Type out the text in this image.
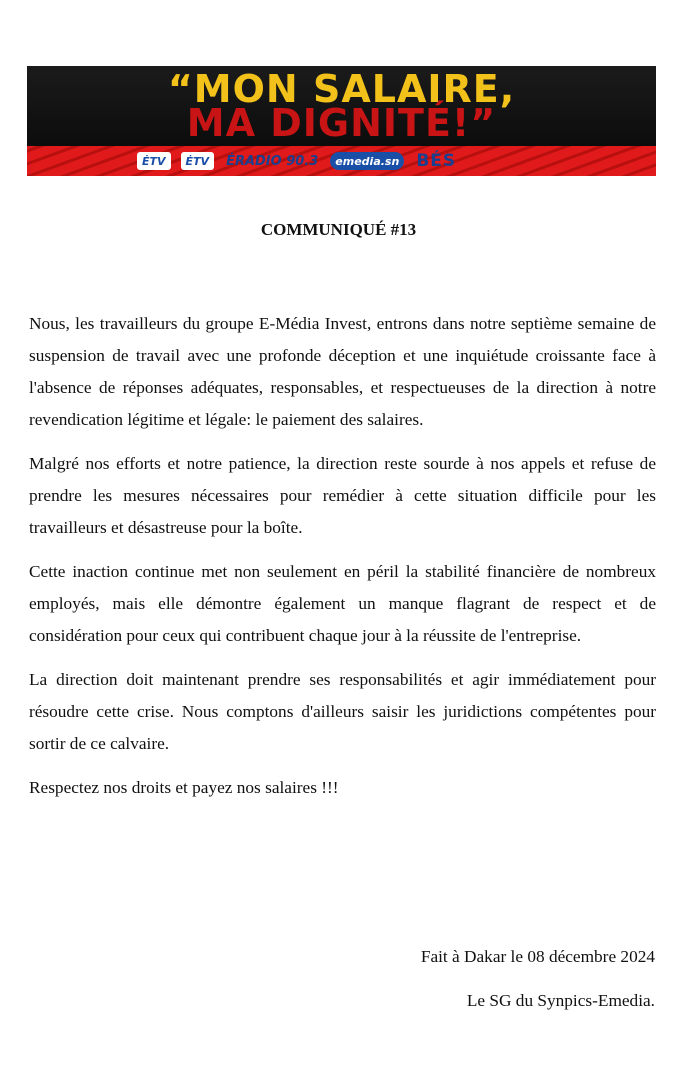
“MON SALAIRE,
MA DIGNITÉ!”
ĖTV	ĖTV	ĖRADIO 90.3	emedia.sn BÉS
COMMUNIQUÉ #13

Nous, les travailleurs du groupe E-Média Invest, entrons dans notre septième semaine de suspension de travail avec une profonde déception et une inquiétude croissante face à l'absence de réponses adéquates, responsables, et respectueuses de la direction à notre revendication légitime et légale: le paiement des salaires.

Malgré nos efforts et notre patience, la direction reste sourde à nos appels et refuse de prendre les mesures nécessaires pour remédier à cette situation difficile pour les travailleurs et désastreuse pour la boîte.

Cette inaction continue met non seulement en péril la stabilité financière de nombreux employés, mais elle démontre également un manque flagrant de respect et de considération pour ceux qui contribuent chaque jour à la réussite de l'entreprise.

La direction doit maintenant prendre ses responsabilités et agir immédiatement pour résoudre cette crise. Nous comptons d'ailleurs saisir les juridictions compétentes pour sortir de ce calvaire.

Respectez nos droits et payez nos salaires !!!

Fait à Dakar le 08 décembre 2024
Le SG du Synpics-Emedia.
